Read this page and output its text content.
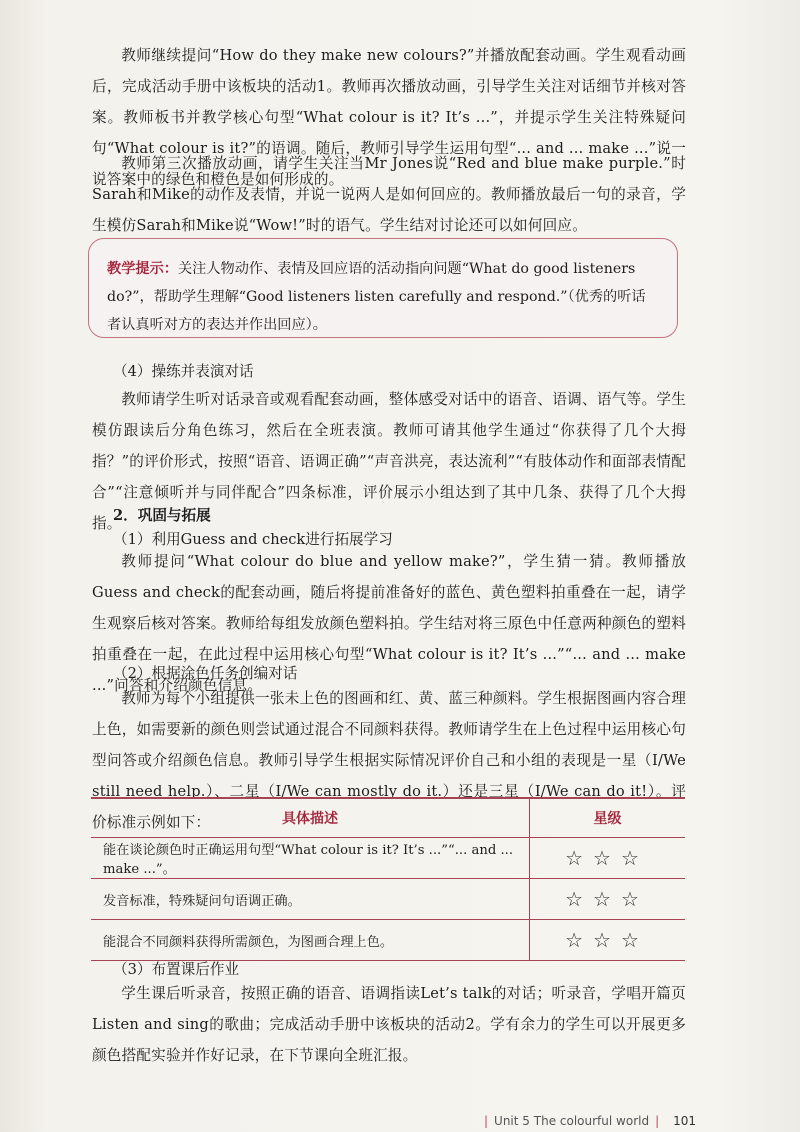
教师继续提问“How do they make new colours?”并播放配套动画。学生观看动画后，完成活动手册中该板块的活动1。教师再次播放动画，引导学生关注对话细节并核对答案。教师板书并教学核心句型“What colour is it? It’s ...”，并提示学生关注特殊疑问句“What colour is it?”的语调。随后，教师引导学生运用句型“... and ... make ...”说一说答案中的绿色和橙色是如何形成的。

教师第三次播放动画，请学生关注当Mr Jones说“Red and blue make purple.”时Sarah和Mike的动作及表情，并说一说两人是如何回应的。教师播放最后一句的录音，学生模仿Sarah和Mike说“Wow!”时的语气。学生结对讨论还可以如何回应。

教学提示：关注人物动作、表情及回应语的活动指向问题“What do good listeners do?”，帮助学生理解“Good listeners listen carefully and respond.”（优秀的听话者认真听对方的表达并作出回应）。

（4）操练并表演对话

教师请学生听对话录音或观看配套动画，整体感受对话中的语音、语调、语气等。学生模仿跟读后分角色练习，然后在全班表演。教师可请其他学生通过“你获得了几个大拇指？”的评价形式，按照“语音、语调正确”“声音洪亮，表达流利”“有肢体动作和面部表情配合”“注意倾听并与同伴配合”四条标准，评价展示小组达到了其中几条、获得了几个大拇指。

2．巩固与拓展

（1）利用Guess and check进行拓展学习

教师提问“What colour do blue and yellow make?”，学生猜一猜。教师播放Guess and check的配套动画，随后将提前准备好的蓝色、黄色塑料拍重叠在一起，请学生观察后核对答案。教师给每组发放颜色塑料拍。学生结对将三原色中任意两种颜色的塑料拍重叠在一起，在此过程中运用核心句型“What colour is it? It’s ...”“... and ... make ...”问答和介绍颜色信息。

（2）根据涂色任务创编对话

教师为每个小组提供一张未上色的图画和红、黄、蓝三种颜料。学生根据图画内容合理上色，如需要新的颜色则尝试通过混合不同颜料获得。教师请学生在上色过程中运用核心句型问答或介绍颜色信息。教师引导学生根据实际情况评价自己和小组的表现是一星（I/We still need help.）、二星（I/We can mostly do it.）还是三星（I/We can do it!）。评价标准示例如下：	具体描述	星级
能在谈论颜色时正确运用句型“What colour is it? It’s ...”“... and ... make ...”。	☆☆☆
发音标准，特殊疑问句语调正确。	☆☆☆
能混合不同颜料获得所需颜色，为图画合理上色。	☆☆☆

（3）布置课后作业

学生课后听录音，按照正确的语音、语调指读Let’s talk的对话；听录音，学唱开篇页Listen and sing的歌曲；完成活动手册中该板块的活动2。学有余力的学生可以开展更多颜色搭配实验并作好记录，在下节课向全班汇报。

| Unit 5 The colourful world | 101
